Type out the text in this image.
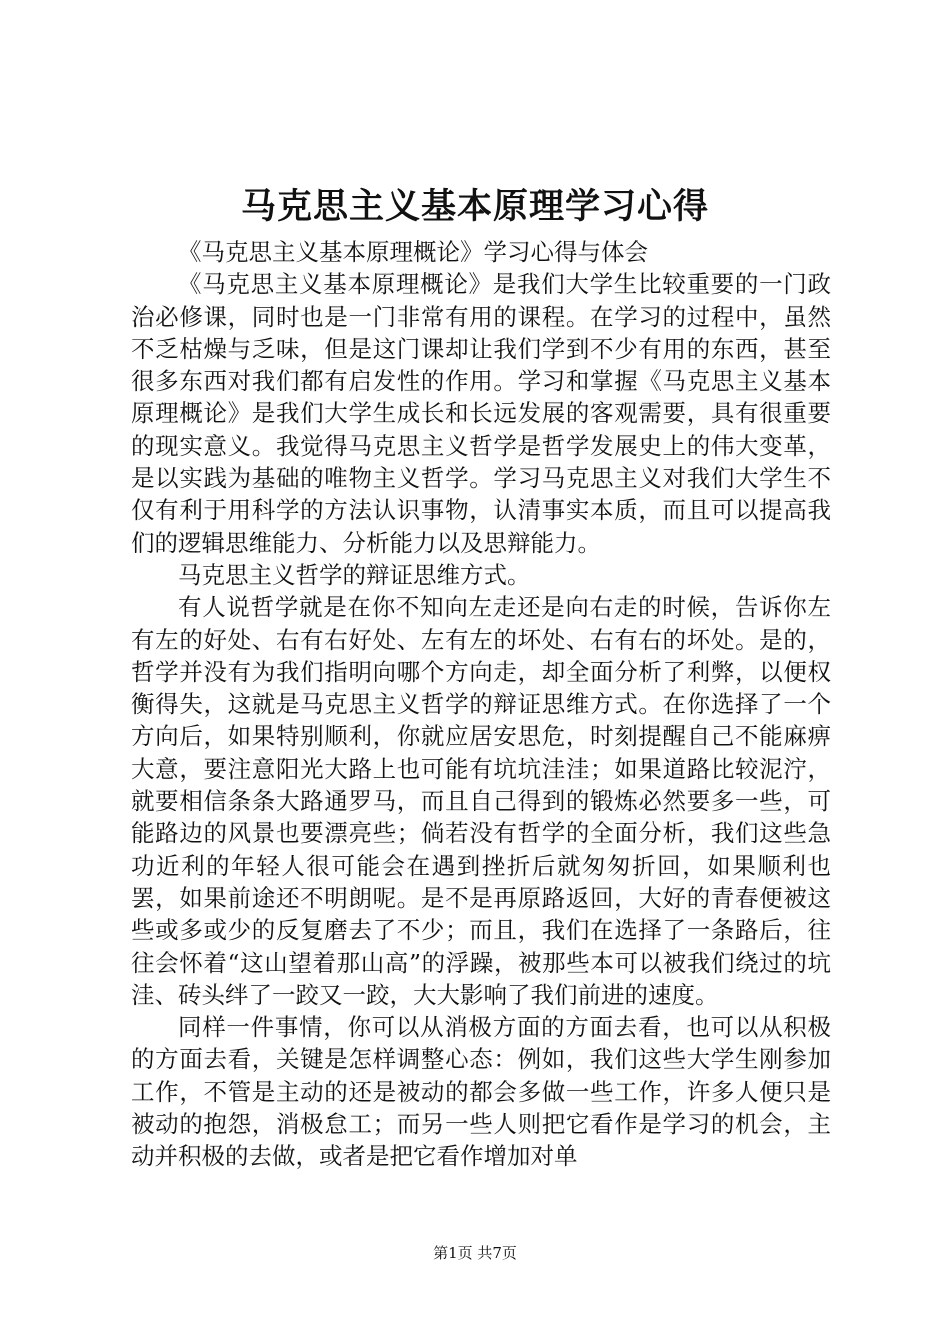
马克思主义基本原理学习心得

《马克思主义基本原理概论》学习心得与体会

《马克思主义基本原理概论》是我们大学生比较重要的一门政治必修课，同时也是一门非常有用的课程。在学习的过程中，虽然不乏枯燥与乏味，但是这门课却让我们学到不少有用的东西，甚至很多东西对我们都有启发性的作用。学习和掌握《马克思主义基本原理概论》是我们大学生成长和长远发展的客观需要，具有很重要的现实意义。我觉得马克思主义哲学是哲学发展史上的伟大变革，是以实践为基础的唯物主义哲学。学习马克思主义对我们大学生不仅有利于用科学的方法认识事物，认清事实本质，而且可以提高我们的逻辑思维能力、分析能力以及思辩能力。

马克思主义哲学的辩证思维方式。

有人说哲学就是在你不知向左走还是向右走的时候，告诉你左有左的好处、右有右好处、左有左的坏处、右有右的坏处。是的，哲学并没有为我们指明向哪个方向走，却全面分析了利弊，以便权衡得失，这就是马克思主义哲学的辩证思维方式。在你选择了一个方向后，如果特别顺利，你就应居安思危，时刻提醒自己不能麻痹大意，要注意阳光大路上也可能有坑坑洼洼；如果道路比较泥泞，就要相信条条大路通罗马，而且自己得到的锻炼必然要多一些，可能路边的风景也要漂亮些；倘若没有哲学的全面分析，我们这些急功近利的年轻人很可能会在遇到挫折后就匆匆折回，如果顺利也罢，如果前途还不明朗呢。是不是再原路返回，大好的青春便被这些或多或少的反复磨去了不少；而且，我们在选择了一条路后，往往会怀着“这山望着那山高”的浮躁，被那些本可以被我们绕过的坑洼、砖头绊了一跤又一跤，大大影响了我们前进的速度。

同样一件事情，你可以从消极方面的方面去看，也可以从积极的方面去看，关键是怎样调整心态：例如，我们这些大学生刚参加工作，不管是主动的还是被动的都会多做一些工作，许多人便只是被动的抱怨，消极怠工；而另一些人则把它看作是学习的机会，主动并积极的去做，或者是把它看作增加对单

第1页 共7页
